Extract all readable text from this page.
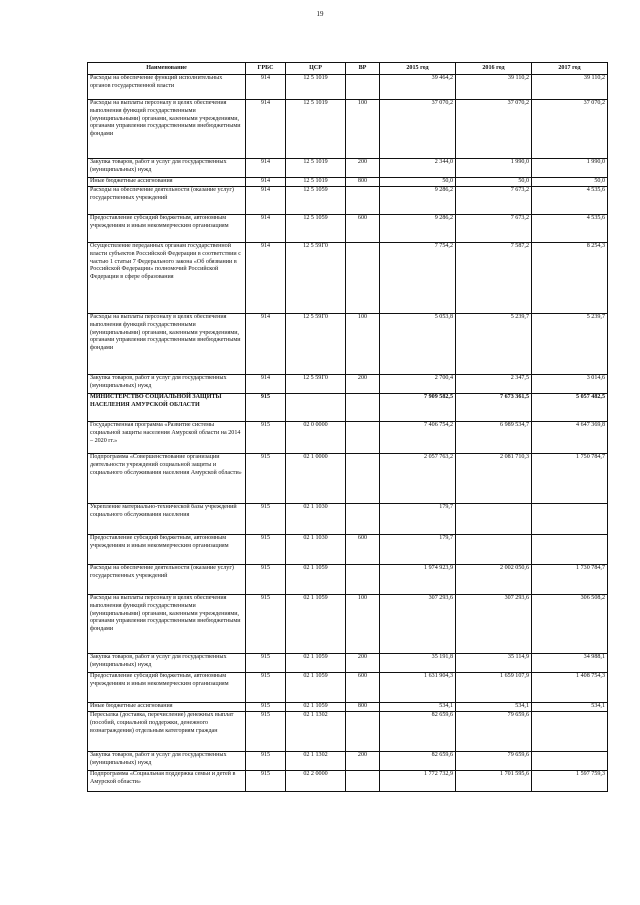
19
Наименование	ГРБС	ЦСР	ВР	2015 год	2016 год	2017 год
Расходы на обеспечение функций исполнительных органов государственной власти	914	12 5 1019		39 464,2	39 110,2	39 110,2
Расходы на выплаты персоналу в целях обеспечения выполнения функций государственными (муниципальными) органами, казенными учреждениями, органами управления государственными внебюджетными фондами	914	12 5 1019	100	37 070,2	37 070,2	37 070,2
Закупка товаров, работ и услуг для государственных (муниципальных) нужд	914	12 5 1019	200	2 344,0	1 990,0	1 990,0
Иные бюджетные ассигнования	914	12 5 1019	800	50,0	50,0	50,0
Расходы на обеспечение деятельности (оказание услуг) государственных учреждений	914	12 5 1059		9 286,2	7 673,2	4 535,6
Предоставление субсидий бюджетным, автономным учреждениям и иным некоммерческим организациям	914	12 5 1059	600	9 286,2	7 673,2	4 535,6
Осуществление переданных органам государственной власти субъектов Российской Федерации в соответствии с частью 1 статьи 7 Федерального закона «Об обязвании в Российской Федерации» полномочий Российской Федерации в сфере образования	914	12 5 59Г0		7 754,2	7 587,2	8 254,3
Расходы на выплаты персоналу в целях обеспечения выполнения функций государственными (муниципальными) органами, казенными учреждениями, органами управления государственными внебюджетными фондами	914	12 5 59Г0	100	5 053,8	5 239,7	5 239,7
Закупка товаров, работ и услуг для государственных (муниципальных) нужд	914	12 5 59Г0	200	2 700,4	2 347,5	3 014,6
МИНИСТЕРСТВО СОЦИАЛЬНОЙ ЗАЩИТЫ НАСЕЛЕНИЯ АМУРСКОЙ ОБЛАСТИ	915			7 909 582,5	7 673 361,5	5 057 482,5
Государственная программа «Развитие системы социальной защиты населения Амурской области на 2014 – 2020 гг.»	915	02 0 0000		7 406 754,2	6 989 534,7	4 647 369,8
Подпрограмма «Совершенствование организации деятельности учреждений социальной защиты и социального обслуживания населения Амурской области»	915	02 1 0000		2 057 763,2	2 081 710,3	1 750 784,7
Укрепление материально-технической базы учреждений социального обслуживания населения	915	02 1 1030		179,7		
Предоставление субсидий бюджетным, автономным учреждениям и иным некоммерческим организациям	915	02 1 1030	600	179,7		
Расходы на обеспечение деятельности (оказание услуг) государственных учреждений	915	02 1 1059		1 974 923,9	2 002 050,6	1 730 784,7
Расходы на выплаты персоналу в целях обеспечения выполнения функций государственными (муниципальными) органами, казенными учреждениями, органами управления государственными внебюджетными фондами	915	02 1 1059	100	307 293,6	307 293,6	306 508,2
Закупка товаров, работ и услуг для государственных (муниципальных) нужд	915	02 1 1059	200	35 191,8	35 114,9	34 988,1
Предоставление субсидий бюджетным, автономным учреждениям и иным некоммерческим организациям	915	02 1 1059	600	1 631 904,3	1 659 107,9	1 408 754,3
Иные бюджетные ассигнования	915	02 1 1059	800	534,1	534,1	534,1
Пересылка (доставка, перечисление) денежных выплат (пособий, социальной поддержки, денежного вознаграждения) отдельным категориям граждан	915	02 1 1302		82 659,6	79 659,6	
Закупка товаров, работ и услуг для государственных (муниципальных) нужд	915	02 1 1302	200	82 659,6	79 659,6	
Подпрограмма «Социальная поддержка семьи и детей в Амурской области»	915	02 2 0000		1 772 732,9	1 701 595,6	1 597 759,3
